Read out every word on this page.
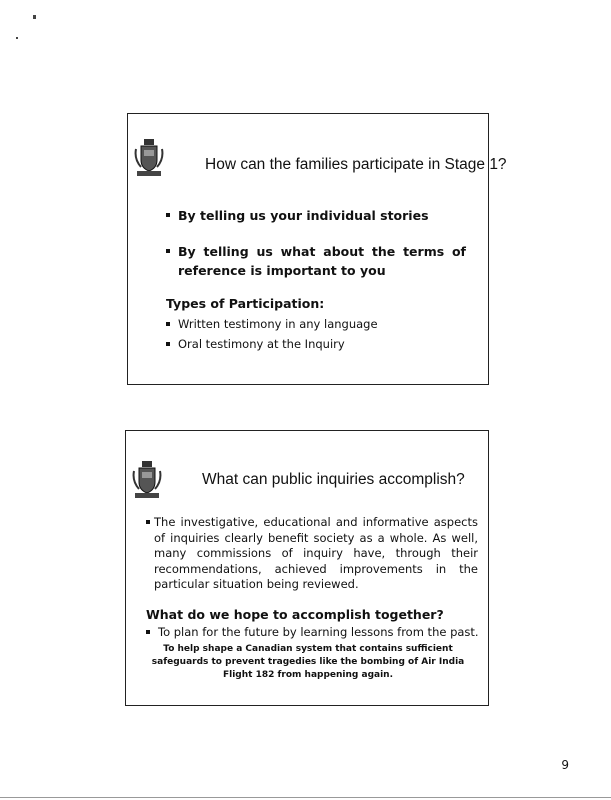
How can the families participate in Stage 1?
By telling us your individual stories
By telling us what about the terms of reference is important to you
Types of Participation:
Written testimony in any language
Oral testimony at the Inquiry
What can public inquiries accomplish?
The investigative, educational and informative aspects of inquiries clearly benefit society as a whole. As well, many commissions of inquiry have, through their recommendations, achieved improvements in the particular situation being reviewed.
What do we hope to accomplish together?
To plan for the future by learning lessons from the past.
To help shape a Canadian system that contains sufficient safeguards to prevent tragedies like the bombing of Air India Flight 182 from happening again.
9
